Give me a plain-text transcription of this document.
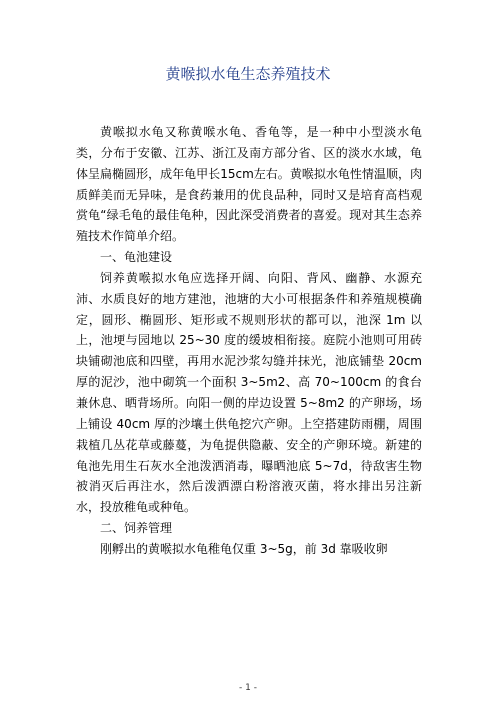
黄喉拟水龟生态养殖技术

黄喉拟水龟又称黄喉水龟、香龟等，是一种中小型淡水龟类，分布于安徽、江苏、浙江及南方部分省、区的淡水水域，龟体呈扁椭圆形，成年龟甲长15cm左右。黄喉拟水龟性情温顺，肉质鲜美而无异味，是食药兼用的优良品种，同时又是培育高档观赏龟“绿毛龟的最佳龟种，因此深受消费者的喜爱。现对其生态养殖技术作简单介绍。

一、龟池建设

饲养黄喉拟水龟应选择开阔、向阳、背风、幽静、水源充沛、水质良好的地方建池，池塘的大小可根据条件和养殖规模确定，圆形、椭圆形、矩形或不规则形状的都可以，池深 1m 以上，池埂与园地以 25~30 度的缓坡相衔接。庭院小池则可用砖块铺砌池底和四壁，再用水泥沙浆勾缝并抹光，池底铺垫 20cm 厚的泥沙，池中砌筑一个面积 3~5m2、高 70~100cm 的食台兼休息、晒背场所。向阳一侧的岸边设置 5~8m2 的产卵场，场上铺设 40cm 厚的沙壤土供龟挖穴产卵。上空搭建防雨棚，周围栽植几丛花草或藤蔓，为龟提供隐蔽、安全的产卵环境。新建的龟池先用生石灰水全池泼洒消毒，曝晒池底 5~7d，待敌害生物被消灭后再注水，然后泼洒漂白粉溶液灭菌，将水排出另注新水，投放稚龟或种龟。

二、饲养管理

刚孵出的黄喉拟水龟稚龟仅重 3~5g，前 3d 靠吸收卵

- 1 -
